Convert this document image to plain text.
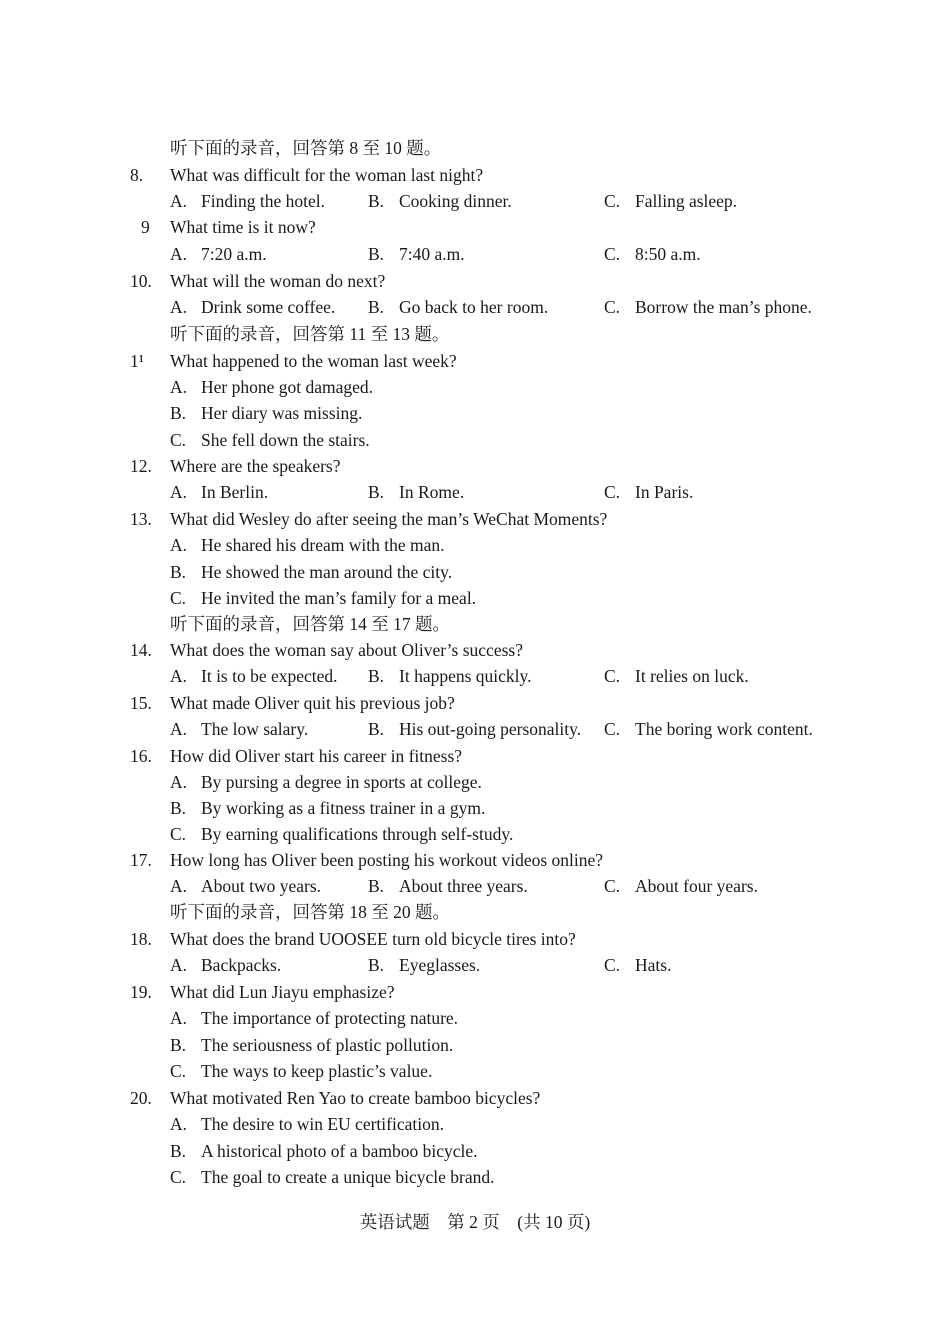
听下面的录音，回答第 8 至 10 题。
8.	What was difficult for the woman last night?
A. Finding the hotel. B. Cooking dinner.	C. Falling asleep.
9	What time is it now?
A. 7:20 a.m.	B. 7:40 a.m.	C. 8:50 a.m.
10.	What will the woman do next?
A. Drink some coffee. B. Go back to her room.	C. Borrow the man’s phone.
听下面的录音，回答第 11 至 13 题。
1¹	What happened to the woman last week?
A. Her phone got damaged.
B. Her diary was missing.
C. She fell down the stairs.
12.	Where are the speakers?
A. In Berlin.	B. In Rome.	C. In Paris.
13.	What did Wesley do after seeing the man’s WeChat Moments?
A. He shared his dream with the man.
B. He showed the man around the city.
C. He invited the man’s family for a meal.
听下面的录音，回答第 14 至 17 题。
14.	What does the woman say about Oliver’s success?
A. It is to be expected. B. It happens quickly.	C. It relies on luck.
15.	What made Oliver quit his previous job?
A. The low salary.	B. His out-going personality. C. The boring work content.
16.	How did Oliver start his career in fitness?
A. By pursing a degree in sports at college.
B. By working as a fitness trainer in a gym.
C. By earning qualifications through self-study.
17.	How long has Oliver been posting his workout videos online?
A. About two years.	B. About three years.	C. About four years.
听下面的录音，回答第 18 至 20 题。
18.	What does the brand UOOSEE turn old bicycle tires into?
A. Backpacks.	B. Eyeglasses.	C. Hats.
19.	What did Lun Jiayu emphasize?
A. The importance of protecting nature.
B. The seriousness of plastic pollution.
C. The ways to keep plastic’s value.
20.	What motivated Ren Yao to create bamboo bicycles?
A. The desire to win EU certification.
B. A historical photo of a bamboo bicycle.
C. The goal to create a unique bicycle brand.
英语试题　第 2 页　(共 10 页)
